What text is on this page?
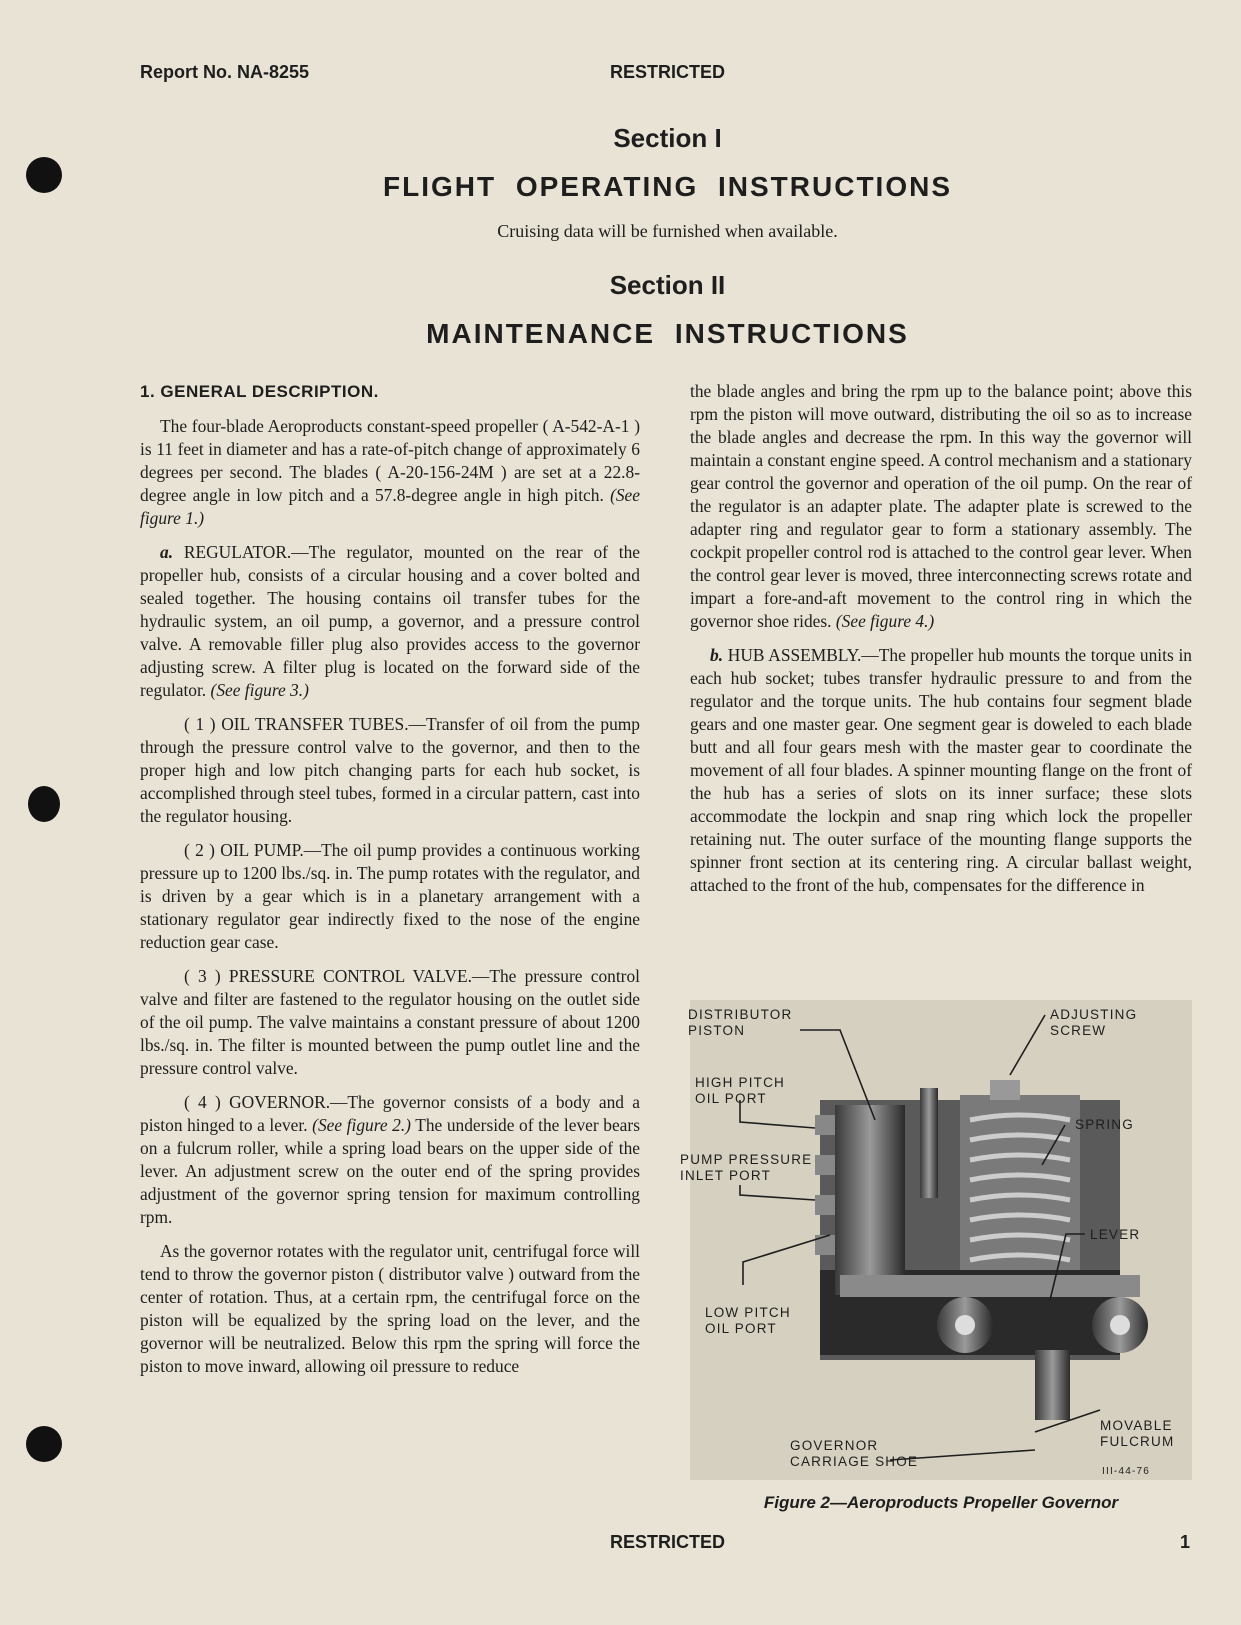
Report No. NA-8255	RESTRICTED
Section I
FLIGHT OPERATING INSTRUCTIONS
Cruising data will be furnished when available.
Section II
MAINTENANCE INSTRUCTIONS
1. GENERAL DESCRIPTION.

The four-blade Aeroproducts constant-speed propeller ( A-542-A-1 ) is 11 feet in diameter and has a rate-of-pitch change of approximately 6 degrees per second. The blades ( A-20-156-24M ) are set at a 22.8-degree angle in low pitch and a 57.8-degree angle in high pitch. (See figure 1.)

a. REGULATOR.—The regulator, mounted on the rear of the propeller hub, consists of a circular housing and a cover bolted and sealed together. The housing contains oil transfer tubes for the hydraulic system, an oil pump, a governor, and a pressure control valve. A removable filler plug also provides access to the governor adjusting screw. A filter plug is located on the forward side of the regulator. (See figure 3.)

( 1 ) OIL TRANSFER TUBES.—Transfer of oil from the pump through the pressure control valve to the governor, and then to the proper high and low pitch changing parts for each hub socket, is accomplished through steel tubes, formed in a circular pattern, cast into the regulator housing.

( 2 ) OIL PUMP.—The oil pump provides a continuous working pressure up to 1200 lbs./sq. in. The pump rotates with the regulator, and is driven by a gear which is in a planetary arrangement with a stationary regulator gear indirectly fixed to the nose of the engine reduction gear case.

( 3 ) PRESSURE CONTROL VALVE.—The pressure control valve and filter are fastened to the regulator housing on the outlet side of the oil pump. The valve maintains a constant pressure of about 1200 lbs./sq. in. The filter is mounted between the pump outlet line and the pressure control valve.

( 4 ) GOVERNOR.—The governor consists of a body and a piston hinged to a lever. (See figure 2.) The underside of the lever bears on a fulcrum roller, while a spring load bears on the upper side of the lever. An adjustment screw on the outer end of the spring provides adjustment of the governor spring tension for maximum controlling rpm.

As the governor rotates with the regulator unit, centrifugal force will tend to throw the governor piston ( distributor valve ) outward from the center of rotation. Thus, at a certain rpm, the centrifugal force on the piston will be equalized by the spring load on the lever, and the governor will be neutralized. Below this rpm the spring will force the piston to move inward, allowing oil pressure to reduce

the blade angles and bring the rpm up to the balance point; above this rpm the piston will move outward, distributing the oil so as to increase the blade angles and decrease the rpm. In this way the governor will maintain a constant engine speed. A control mechanism and a stationary gear control the governor and operation of the oil pump. On the rear of the regulator is an adapter plate. The adapter plate is screwed to the adapter ring and regulator gear to form a stationary assembly. The cockpit propeller control rod is attached to the control gear lever. When the control gear lever is moved, three interconnecting screws rotate and impart a fore-and-aft movement to the control ring in which the governor shoe rides. (See figure 4.)

b. HUB ASSEMBLY.—The propeller hub mounts the torque units in each hub socket; tubes transfer hydraulic pressure to and from the regulator and the torque units. The hub contains four segment blade gears and one master gear. One segment gear is doweled to each blade butt and all four gears mesh with the master gear to coordinate the movement of all four blades. A spinner mounting flange on the front of the hub has a series of slots on its inner surface; these slots accommodate the lockpin and snap ring which lock the propeller retaining nut. The outer surface of the mounting flange supports the spinner front section at its centering ring. A circular ballast weight, attached to the front of the hub, compensates for the difference in

DISTRIBUTOR PISTON
ADJUSTING SCREW
HIGH PITCH OIL PORT
SPRING
PUMP PRESSURE INLET PORT
LEVER
LOW PITCH OIL PORT
MOVABLE FULCRUM
GOVERNOR CARRIAGE SHOE
III-44-76
Figure 2—Aeroproducts Propeller Governor
RESTRICTED	1
